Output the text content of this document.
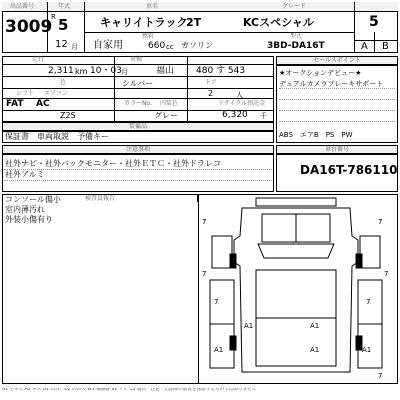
出品番号	年式	車名	グレード
3009
R 5
12 月
キャリイトラック
2T	KCスペシャル	5
自家用
燃料
660 cc ガソリン
型式
3BD-DA16T	A B
走行	車検
2,311 km 10・03 月	福山 480 す 543
色	シルバー	ドア
FAT AC
2	人
シフト エアコン
カラーNo. 内装色	リサイクル預託金
Z2S	グレー	6,320 千
装備品
保証書　車両取説　予備キー
セールスポイント
★オークションデビュー★
デュアルカメラブレーキサポート
ABS　エアB　PS　PW
注意事項
社外ナビ・社外バックモニター・社外ＥＴＣ・社外ドラレコ
社外アルミ
車台番号
DA16T-786110
検査員報告
コンソール傷小
室内薄汚れ
外装小傷有り	7	7
7	7
7	7
A1	A1
A1	A1	A1
7
A1 小キズ A2 キズ U1 凹み　U2 凹み大 W1 補修跡 S1 サビ C1 腐食　注意：出品車の品質を保証するものではありません
